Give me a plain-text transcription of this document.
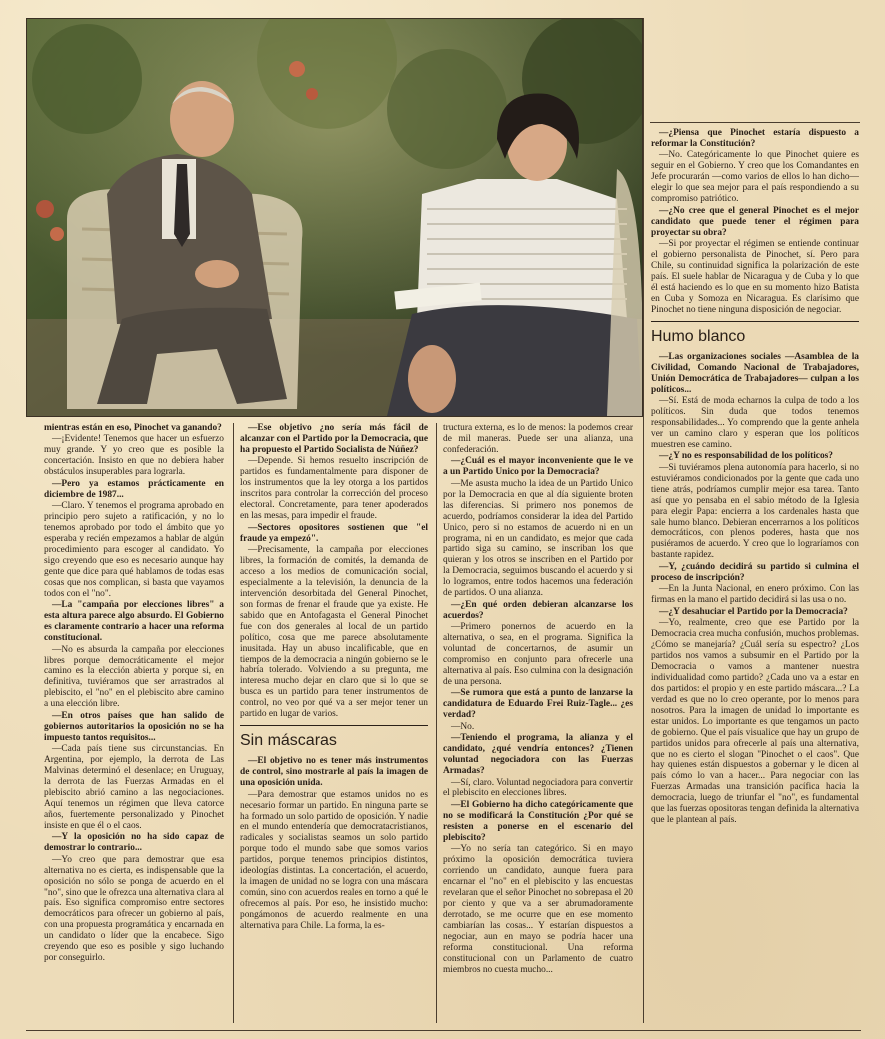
mientras están en eso, Pinochet va ganando?

—¡Evidente! Tenemos que hacer un esfuerzo muy grande. Y yo creo que es posible la concertación. Insisto en que no debiera haber obstáculos insuperables para lograrla.

—Pero ya estamos prácticamente en diciembre de 1987...

—Claro. Y tenemos el programa aprobado en principio pero sujeto a ratificación, y no lo tenemos aprobado por todo el ámbito que yo esperaba y recién empezamos a hablar de algún procedimiento para escoger al candidato. Yo sigo creyendo que eso es necesario aunque hay gente que dice para qué hablamos de todas esas cosas que nos complican, si basta que vayamos todos con el "no".

—La "campaña por elecciones libres" a esta altura parece algo absurdo. El Gobierno es claramente contrario a hacer una reforma constitucional.

—No es absurda la campaña por elecciones libres porque democráticamente el mejor camino es la elección abierta y porque si, en definitiva, tuviéramos que ser arrastrados al plebiscito, el "no" en el plebiscito abre camino a una elección libre.

—En otros países que han salido de gobiernos autoritarios la oposición no se ha impuesto tantos requisitos...

—Cada país tiene sus circunstancias. En Argentina, por ejemplo, la derrota de Las Malvinas determinó el desenlace; en Uruguay, la derrota de las Fuerzas Armadas en el plebiscito abrió camino a las negociaciones. Aquí tenemos un régimen que lleva catorce años, fuertemente personalizado y Pinochet insiste en que él o el caos.

—Y la oposición no ha sido capaz de demostrar lo contrario...

—Yo creo que para demostrar que esa alternativa no es cierta, es indispensable que la oposición no sólo se ponga de acuerdo en el "no", sino que le ofrezca una alternativa clara al país. Eso significa compromiso entre sectores democráticos para ofrecer un gobierno al país, con una propuesta programática y encarnada en un candidato o líder que la encabece. Sigo creyendo que eso es posible y sigo luchando por conseguirlo.

—Ese objetivo ¿no sería más fácil de alcanzar con el Partido por la Democracia, que ha propuesto el Partido Socialista de Núñez?

—Depende. Si hemos resuelto inscripción de partidos es fundamentalmente para disponer de los instrumentos que la ley otorga a los partidos inscritos para controlar la corrección del proceso electoral. Concretamente, para tener apoderados en las mesas, para impedir el fraude.

—Sectores opositores sostienen que "el fraude ya empezó".

—Precisamente, la campaña por elecciones libres, la formación de comités, la demanda de acceso a los medios de comunicación social, especialmente a la televisión, la denuncia de la intervención desorbitada del General Pinochet, son formas de frenar el fraude que ya existe. He sabido que en Antofagasta el General Pinochet fue con dos generales al local de un partido político, cosa que me parece absolutamente inusitada. Hay un abuso incalificable, que en tiempos de la democracia a ningún gobierno se le habría tolerado. Volviendo a su pregunta, me interesa mucho dejar en claro que si lo que se busca es un partido para tener instrumentos de control, no veo por qué va a ser mejor tener un partido en lugar de varios.

Sin máscaras

—El objetivo no es tener más instrumentos de control, sino mostrarle al país la imagen de una oposición unida.

—Para demostrar que estamos unidos no es necesario formar un partido. En ninguna parte se ha formado un solo partido de oposición. Y nadie en el mundo entendería que democratacristianos, radicales y socialistas seamos un solo partido porque todo el mundo sabe que somos varios partidos, porque tenemos principios distintos, ideologías distintas. La concertación, el acuerdo, la imagen de unidad no se logra con una máscara común, sino con acuerdos reales en torno a qué le ofrecemos al país. Por eso, he insistido mucho: pongámonos de acuerdo realmente en una alternativa para Chile. La forma, la es-

tructura externa, es lo de menos: la podemos crear de mil maneras. Puede ser una alianza, una confederación.

—¿Cuál es el mayor inconveniente que le ve a un Partido Unico por la Democracia?

—Me asusta mucho la idea de un Partido Unico por la Democracia en que al día siguiente broten las diferencias. Si primero nos ponemos de acuerdo, podríamos considerar la idea del Partido Unico, pero si no estamos de acuerdo ni en un programa, ni en un candidato, es mejor que cada partido siga su camino, se inscriban los que quieran y los otros se inscriben en el Partido por la Democracia, seguimos buscando el acuerdo y si lo logramos, entre todos hacemos una federación de partidos. O una alianza.

—¿En qué orden debieran alcanzarse los acuerdos?

—Primero ponernos de acuerdo en la alternativa, o sea, en el programa. Significa la voluntad de concertarnos, de asumir un compromiso en conjunto para ofrecerle una alternativa al país. Eso culmina con la designación de una persona.

—Se rumora que está a punto de lanzarse la candidatura de Eduardo Frei Ruiz-Tagle... ¿es verdad?

—No.

—Teniendo el programa, la alianza y el candidato, ¿qué vendría entonces? ¿Tienen voluntad negociadora con las Fuerzas Armadas?

—Sí, claro. Voluntad negociadora para convertir el plebiscito en elecciones libres.

—El Gobierno ha dicho categóricamente que no se modificará la Constitución ¿Por qué se resisten a ponerse en el escenario del plebiscito?

—Yo no sería tan categórico. Si en mayo próximo la oposición democrática tuviera corriendo un candidato, aunque fuera para encarnar el "no" en el plebiscito y las encuestas revelaran que el señor Pinochet no sobrepasa el 20 por ciento y que va a ser abrumadoramente derrotado, se me ocurre que en ese momento cambiarían las cosas... Y estarían dispuestos a negociar, aun en mayo se podría hacer una reforma constitucional. Una reforma constitucional con un Parlamento de cuatro miembros no cuesta mucho...

—¿Piensa que Pinochet estaría dispuesto a reformar la Constitución?

—No. Categóricamente lo que Pinochet quiere es seguir en el Gobierno. Y creo que los Comandantes en Jefe procurarán —como varios de ellos lo han dicho— elegir lo que sea mejor para el país respondiendo a su compromiso patriótico.

—¿No cree que el general Pinochet es el mejor candidato que puede tener el régimen para proyectar su obra?

—Si por proyectar el régimen se entiende continuar el gobierno personalista de Pinochet, sí. Pero para Chile, su continuidad significa la polarización de este país. El suele hablar de Nicaragua y de Cuba y lo que él está haciendo es lo que en su momento hizo Batista en Cuba y Somoza en Nicaragua. Es clarísimo que Pinochet no tiene ninguna disposición de negociar.

Humo blanco

—Las organizaciones sociales —Asamblea de la Civilidad, Comando Nacional de Trabajadores, Unión Democrática de Trabajadores— culpan a los políticos...

—Sí. Está de moda echarnos la culpa de todo a los políticos. Sin duda que todos tenemos responsabilidades... Yo comprendo que la gente anhela ver un camino claro y esperan que los políticos muestren ese camino.

—¿Y no es responsabilidad de los políticos?

—Si tuviéramos plena autonomía para hacerlo, si no estuviéramos condicionados por la gente que cada uno tiene atrás, podríamos cumplir mejor esa tarea. Tanto así que yo pensaba en el sabio método de la Iglesia para elegir Papa: encierra a los cardenales hasta que sale humo blanco. Debieran encerrarnos a los políticos democráticos, con plenos poderes, hasta que nos pusiéramos de acuerdo. Y creo que lo lograríamos con bastante rapidez.

—Y, ¿cuándo decidirá su partido si culmina el proceso de inscripción?

—En la Junta Nacional, en enero próximo. Con las firmas en la mano el partido decidirá si las usa o no.

—¿Y desahuciar el Partido por la Democracia?

—Yo, realmente, creo que ese Partido por la Democracia crea mucha confusión, muchos problemas. ¿Cómo se manejaría? ¿Cuál sería su espectro? ¿Los partidos nos vamos a subsumir en el Partido por la Democracia o vamos a mantener nuestra individualidad como partido? ¿Cada uno va a estar en dos partidos: el propio y en este partido máscara...? La verdad es que no lo creo operante, por lo menos para nosotros. Para la imagen de unidad lo importante es estar unidos. Lo importante es que tengamos un pacto de gobierno. Que el país visualice que hay un grupo de partidos unidos para ofrecerle al país una alternativa, que no es cierto el slogan "Pinochet o el caos". Que hay quienes están dispuestos a gobernar y le dicen al país cómo lo van a hacer... Para negociar con las Fuerzas Armadas una transición pacífica hacia la democracia, luego de triunfar el "no", es fundamental que las fuerzas opositoras tengan definida la alternativa que le plantean al país.
